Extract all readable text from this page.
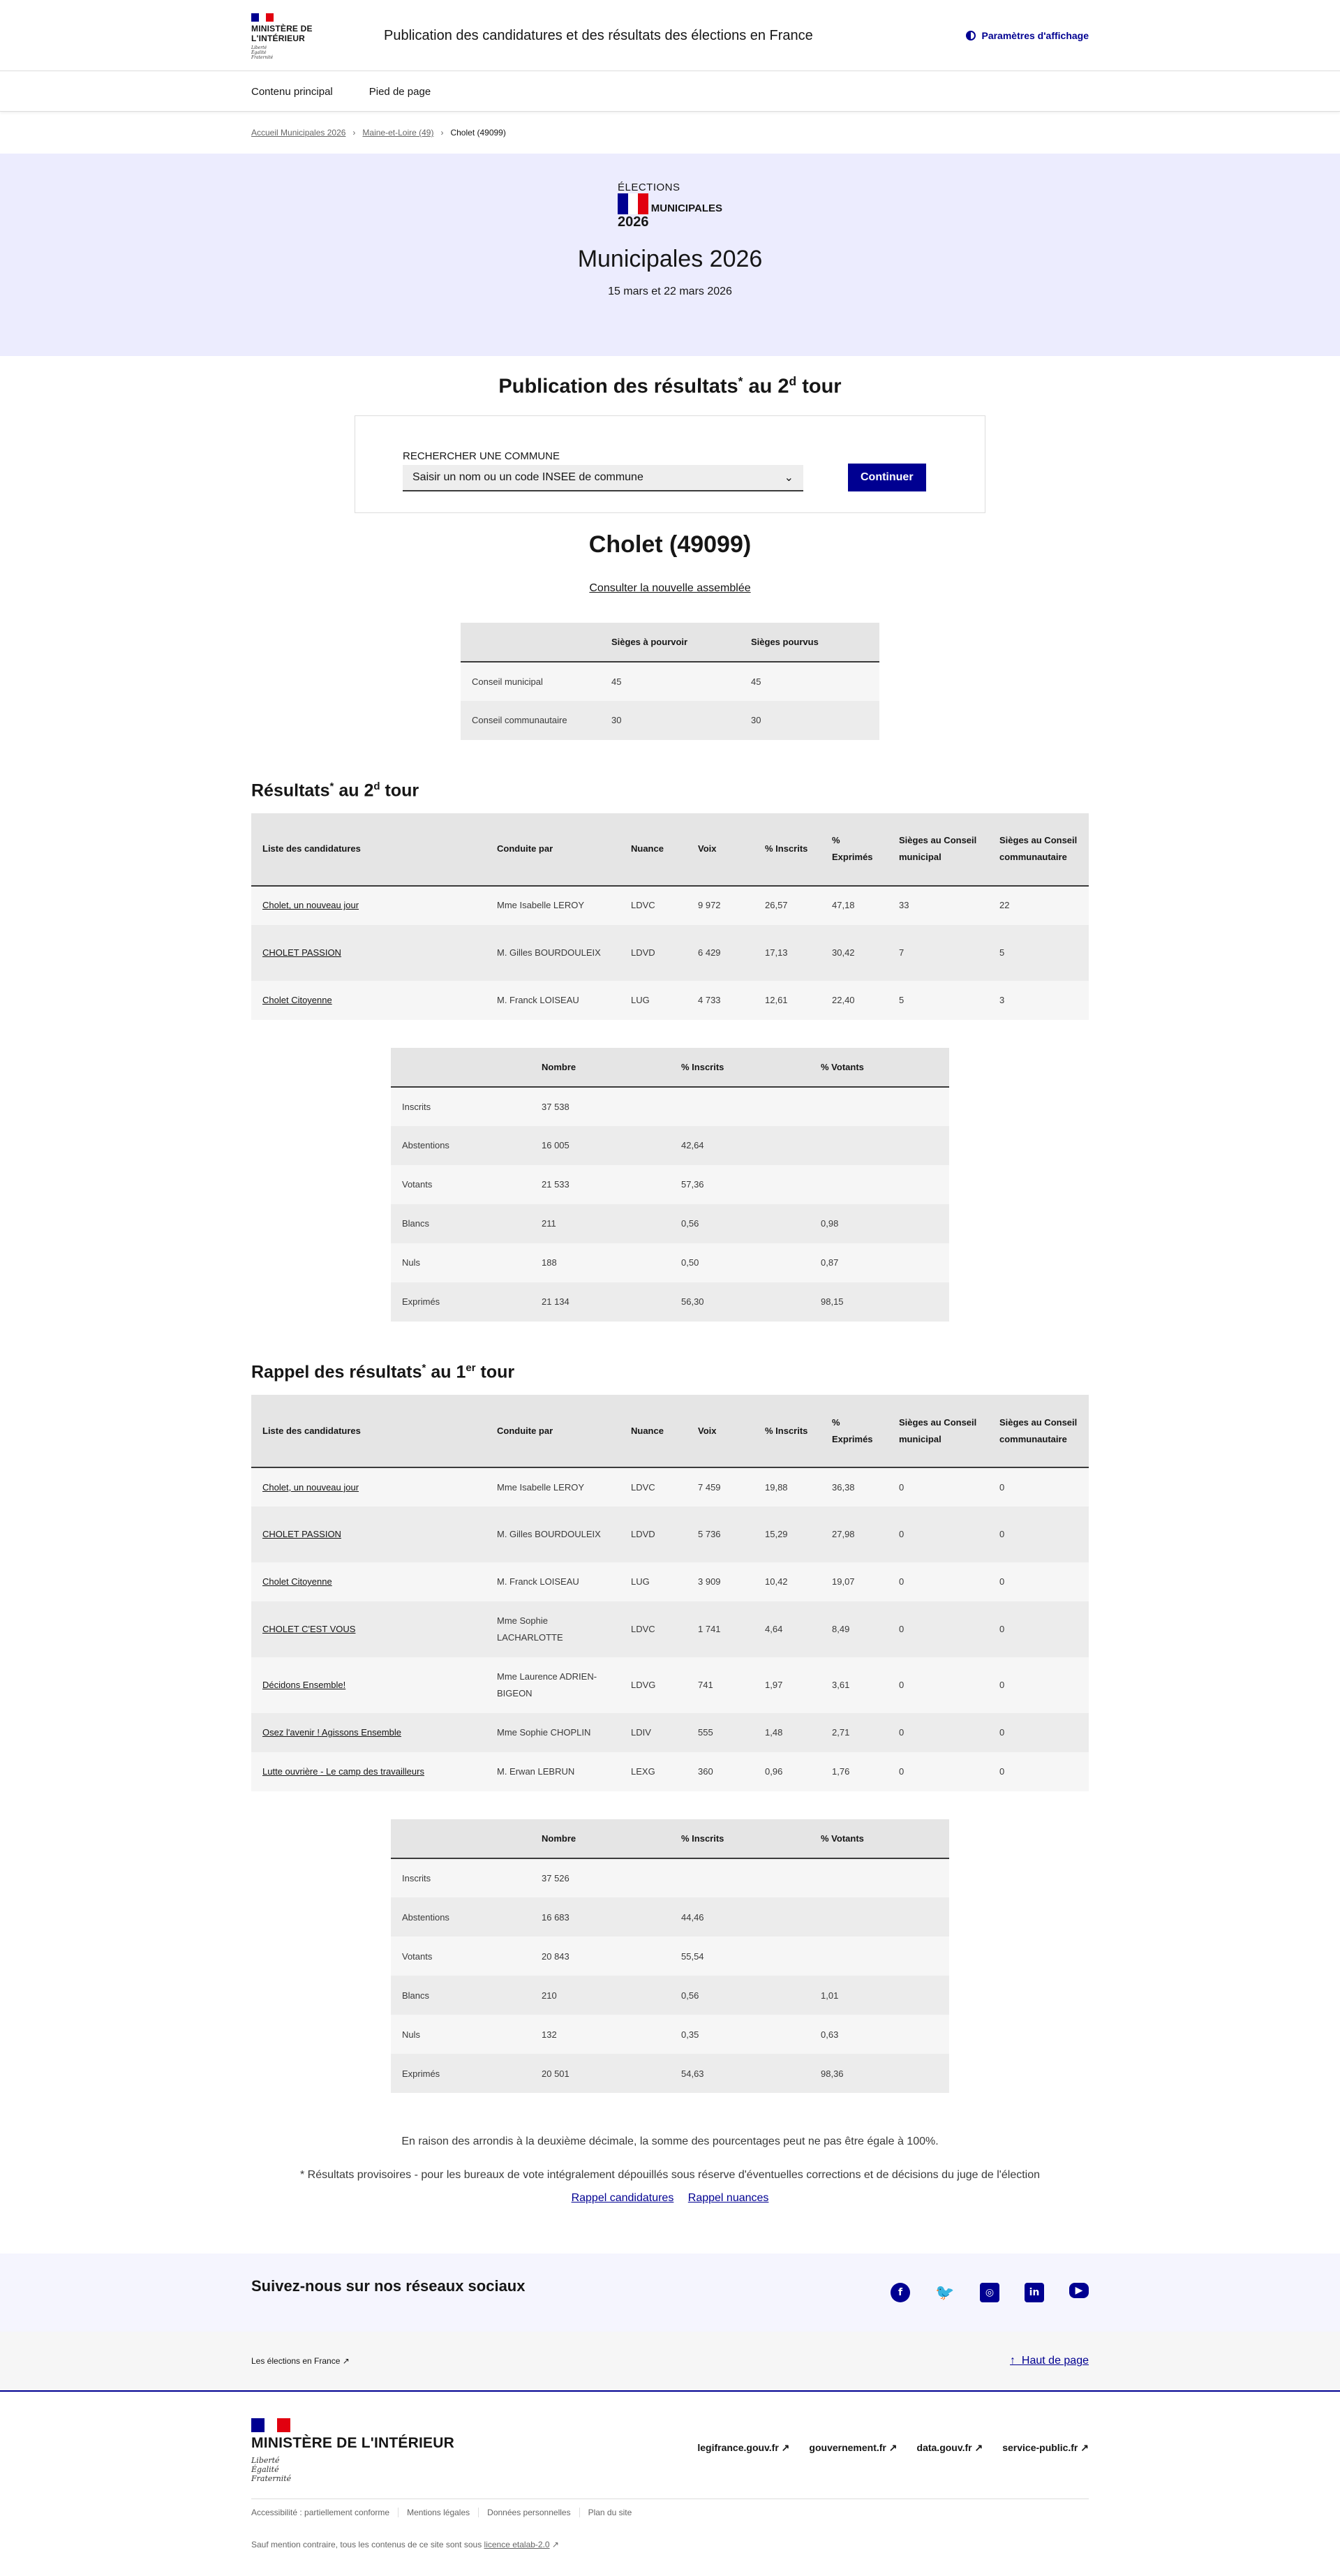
MINISTÈRE DE L'INTÉRIEUR
Liberté
Égalité
Fraternité
Publication des candidatures et des résultats des élections en France	Paramètres d'affichage
Contenu principal	Pied de page
Accueil Municipales 2026 › Maine-et-Loire (49) › Cholet (49099)
ÉLECTIONS
MUNICIPALES
2026
Municipales 2026
15 mars et 22 mars 2026
Publication des résultats* au 2$^d$ tour
RECHERCHER UNE COMMUNE
Saisir un nom ou un code INSEE de commune	⌄	Continuer
Cholet (49099)
Consulter la nouvelle assemblée
	Sièges à pourvoir	Sièges pourvus
Conseil municipal	45	45
Conseil communautaire	30	30
Résultats* au 2$^d$ tour
Liste des candidatures	Conduite par	Nuance	Voix	% Inscrits	% Exprimés	Sièges au Conseil municipal	Sièges au Conseil communautaire
Cholet, un nouveau jour	Mme Isabelle LEROY	LDVC	9 972	26,57	47,18	33	22
CHOLET PASSION	M. Gilles BOURDOULEIX	LDVD	6 429	17,13	30,42	7	5
Cholet Citoyenne	M. Franck LOISEAU	LUG	4 733	12,61	22,40	5	3
	Nombre	% Inscrits	% Votants
Inscrits	37 538		
Abstentions	16 005	42,64	
Votants	21 533	57,36	
Blancs	211	0,56	0,98
Nuls	188	0,50	0,87
Exprimés	21 134	56,30	98,15
Rappel des résultats* au 1er tour
Liste des candidatures	Conduite par	Nuance	Voix	% Inscrits	% Exprimés	Sièges au Conseil municipal	Sièges au Conseil communautaire
Cholet, un nouveau jour	Mme Isabelle LEROY	LDVC	7 459	19,88	36,38	0	0
CHOLET PASSION	M. Gilles BOURDOULEIX	LDVD	5 736	15,29	27,98	0	0
Cholet Citoyenne	M. Franck LOISEAU	LUG	3 909	10,42	19,07	0	0
CHOLET C'EST VOUS	Mme Sophie LACHARLOTTE	LDVC	1 741	4,64	8,49	0	0
Décidons Ensemble!	Mme Laurence ADRIEN-BIGEON	LDVG	741	1,97	3,61	0	0
Osez l'avenir ! Agissons Ensemble	Mme Sophie CHOPLIN	LDIV	555	1,48	2,71	0	0
Lutte ouvrière - Le camp des travailleurs	M. Erwan LEBRUN	LEXG	360	0,96	1,76	0	0
	Nombre	% Inscrits	% Votants
Inscrits	37 526		
Abstentions	16 683	44,46	
Votants	20 843	55,54	
Blancs	210	0,56	1,01
Nuls	132	0,35	0,63
Exprimés	20 501	54,63	98,36
En raison des arrondis à la deuxième décimale, la somme des pourcentages peut ne pas être égale à 100%.
* Résultats provisoires - pour les bureaux de vote intégralement dépouillés sous réserve d'éventuelles corrections et de décisions du juge de l'élection
Rappel candidatures Rappel nuances
Suivez-nous sur nos réseaux sociaux	f	🐦	◎	in	▶
Les élections en France ↗	↑ Haut de page
MINISTÈRE DE L'INTÉRIEUR
Liberté
Égalité
Fraternité
legifrance.gouv.fr ↗ gouvernement.fr ↗ data.gouv.fr ↗ service-public.fr ↗
Accessibilité : partiellement conforme	Mentions légales	Données personnelles	Plan du site
Sauf mention contraire, tous les contenus de ce site sont sous licence etalab-2.0 ↗
